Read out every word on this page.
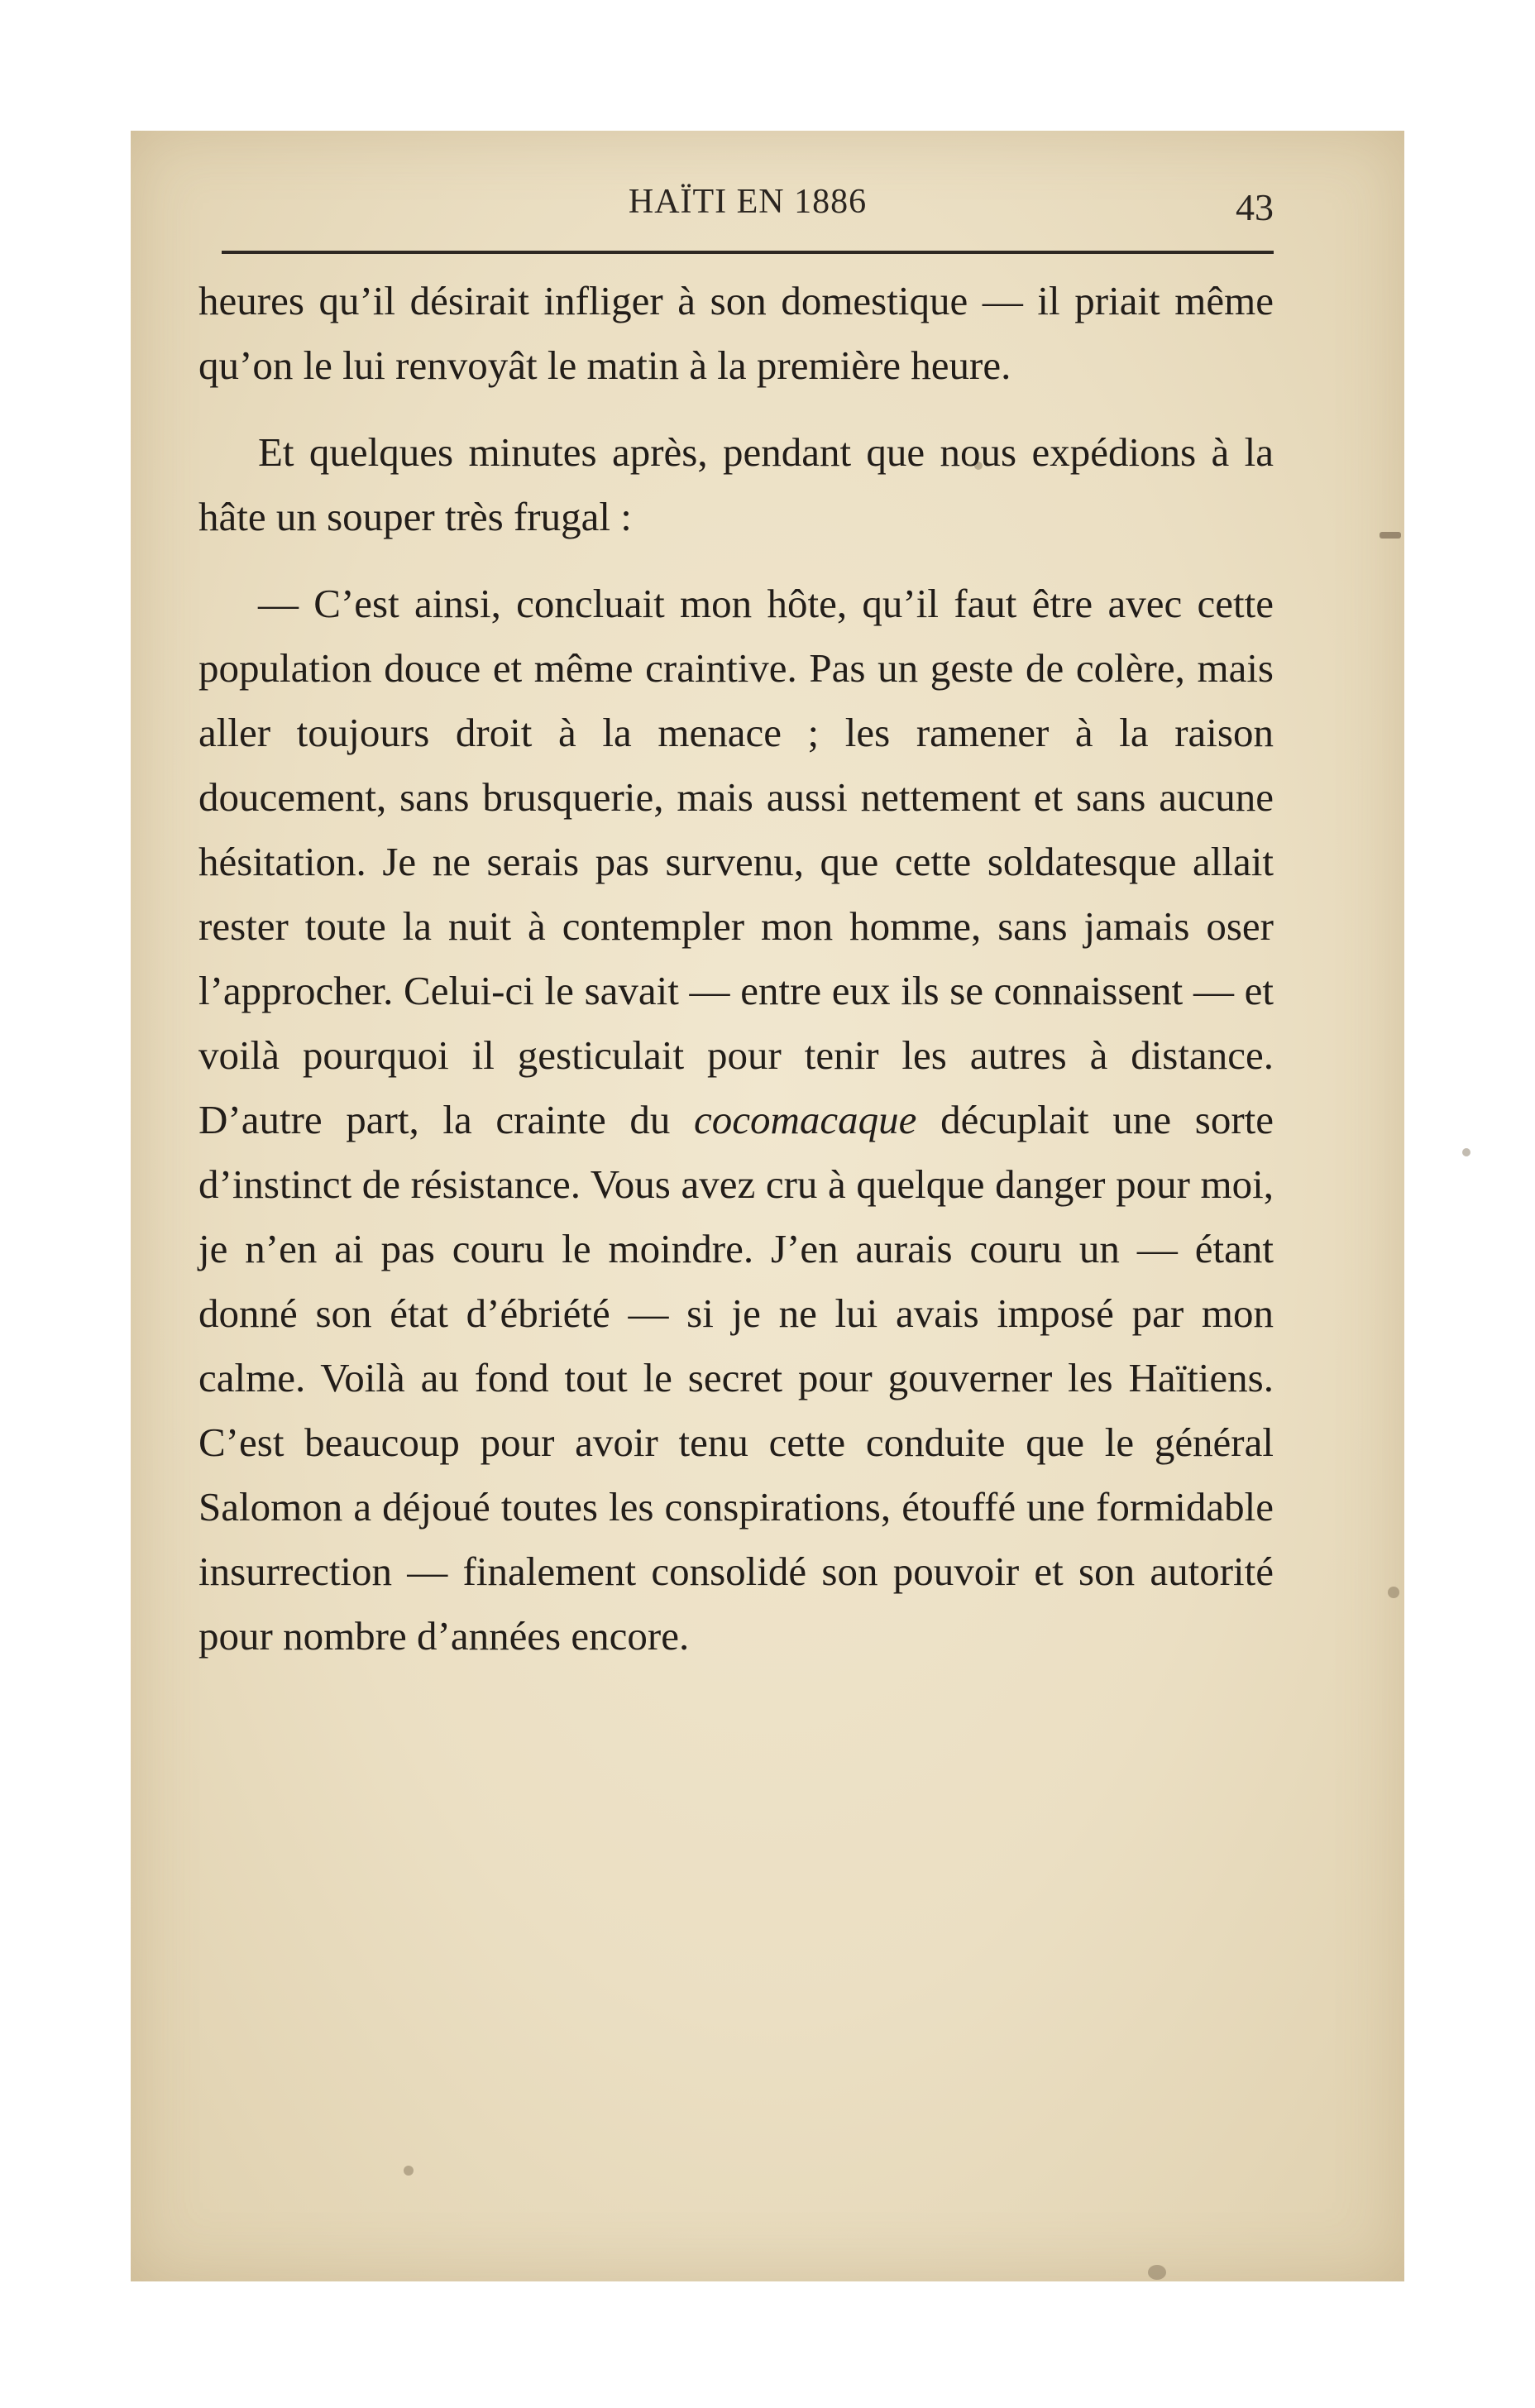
HAÏTI EN 1886	43

heures qu’il désirait infliger à son domestique — il priait même qu’on le lui renvoyât le matin à la première heure.

Et quelques minutes après, pendant que nous expédions à la hâte un souper très frugal :

— C’est ainsi, concluait mon hôte, qu’il faut être avec cette population douce et même craintive. Pas un geste de colère, mais aller toujours droit à la menace ; les ramener à la raison doucement, sans brusquerie, mais aussi nettement et sans aucune hésitation. Je ne serais pas survenu, que cette soldatesque allait rester toute la nuit à contempler mon homme, sans jamais oser l’approcher. Celui-ci le savait — entre eux ils se connaissent — et voilà pourquoi il gesticulait pour tenir les autres à distance. D’autre part, la crainte du cocomacaque décuplait une sorte d’instinct de résistance. Vous avez cru à quelque danger pour moi, je n’en ai pas couru le moindre. J’en aurais couru un — étant donné son état d’ébriété — si je ne lui avais imposé par mon calme. Voilà au fond tout le secret pour gouverner les Haïtiens. C’est beaucoup pour avoir tenu cette conduite que le général Salomon a déjoué toutes les conspirations, étouffé une formidable insurrection — finalement consolidé son pouvoir et son autorité pour nombre d’années encore.
